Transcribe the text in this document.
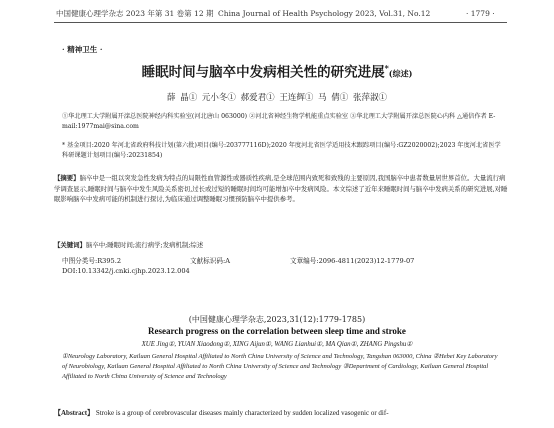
中国健康心理学杂志 2023 年第 31 卷第 12 期 China Journal of Health Psychology 2023, Vol.31, No.12	· 1779 ·
· 精神卫生 ·
睡眠时间与脑卒中发病相关性的研究进展*(综述)
薛 晶① 元小冬① 郝爱君① 王连辉① 马 倩① 张萍淑①
①华北理工大学附属开滦总医院神经内科实验室(河北唐山 063000) ②河北省神经生物学机能重点实验室 ③华北理工大学附属开滦总医院心内科 △通信作者 E-mail:1977mai@sina.com
* 基金项目:2020 年河北省政府科技计划(第六批)项目(编号:203777116D);2020 年度河北省医学适用技术跟踪项目(编号:GZ2020002);2023 年度河北省医学科研课题计划项目(编号:20231854)
【摘要】脑卒中是一组以突发急性发病为特点的局限性血管源性或器质性疾病,是全球范围内致死和致残的主要原因,我国脑卒中患者数量居世界首位。大量流行病学调查显示,睡眠时间与脑卒中发生风险关系密切,过长或过短的睡眠时间均可能增加卒中发病风险。本文综述了近年来睡眠时间与脑卒中发病关系的研究进展,对睡眠影响脑卒中发病可能的机制进行探讨,为临床通过调整睡眠习惯预防脑卒中提供参考。
【关键词】脑卒中;睡眠时间;流行病学;发病机制;综述
中图分类号:R395.2	文献标识码:A	文章编号:2096-4811(2023)12-1779-07
DOI:10.13342/j.cnki.cjhp.2023.12.004
(中国健康心理学杂志,2023,31(12):1779-1785)
Research progress on the correlation between sleep time and stroke
XUE Jing①, YUAN Xiaodong①, XING Aijun①, WANG Lianhui①, MA Qian①, ZHANG Pingshu①
①Neurology Laboratory, Kailuan General Hospital Affiliated to North China University of Science and Technology, Tangshan 063000, China ②Hebei Key Laboratory of Neurobiology, Kailuan General Hospital Affiliated to North China University of Science and Technology ③Department of Cardiology, Kailuan General Hospital Affiliated to North China University of Science and Technology
【Abstract】 Stroke is a group of cerebrovascular diseases mainly characterized by sudden localized vasogenic or dif-
